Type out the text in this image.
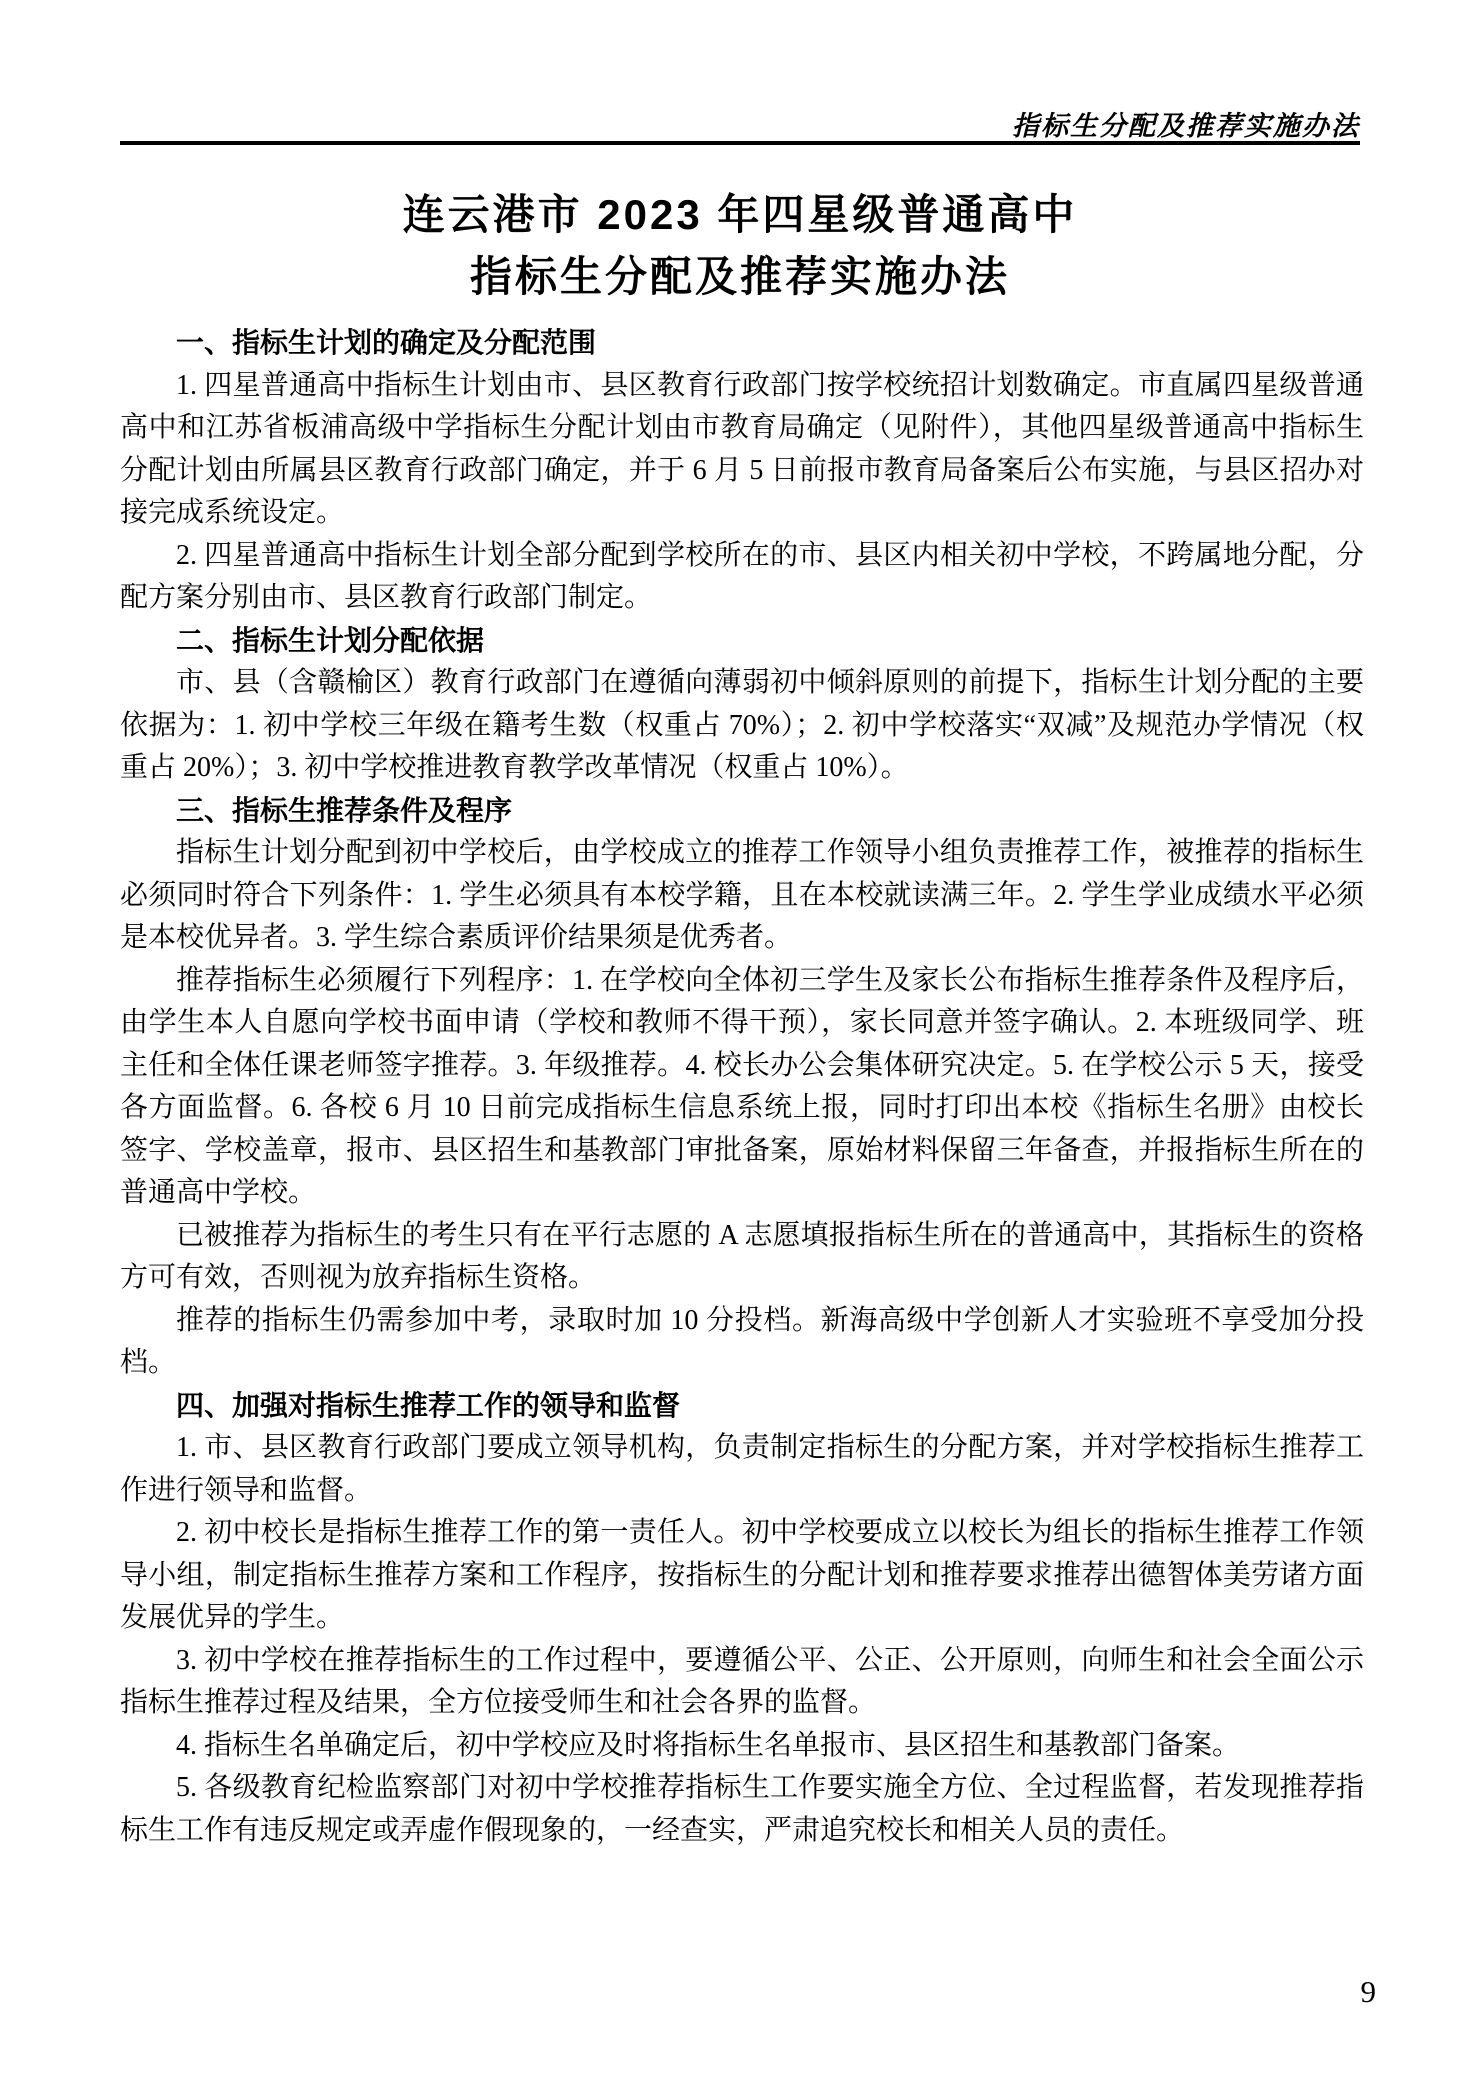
指标生分配及推荐实施办法
连云港市 2023 年四星级普通高中
指标生分配及推荐实施办法

一、指标生计划的确定及分配范围

1. 四星普通高中指标生计划由市、县区教育行政部门按学校统招计划数确定。市直属四星级普通高中和江苏省板浦高级中学指标生分配计划由市教育局确定（见附件），其他四星级普通高中指标生分配计划由所属县区教育行政部门确定，并于 6 月 5 日前报市教育局备案后公布实施，与县区招办对接完成系统设定。

2. 四星普通高中指标生计划全部分配到学校所在的市、县区内相关初中学校，不跨属地分配，分配方案分别由市、县区教育行政部门制定。

二、指标生计划分配依据

市、县（含赣榆区）教育行政部门在遵循向薄弱初中倾斜原则的前提下，指标生计划分配的主要依据为：1. 初中学校三年级在籍考生数（权重占 70%）；2. 初中学校落实“双减”及规范办学情况（权重占 20%）；3. 初中学校推进教育教学改革情况（权重占 10%）。

三、指标生推荐条件及程序

指标生计划分配到初中学校后，由学校成立的推荐工作领导小组负责推荐工作，被推荐的指标生必须同时符合下列条件：1. 学生必须具有本校学籍，且在本校就读满三年。2. 学生学业成绩水平必须是本校优异者。3. 学生综合素质评价结果须是优秀者。

推荐指标生必须履行下列程序：1. 在学校向全体初三学生及家长公布指标生推荐条件及程序后，由学生本人自愿向学校书面申请（学校和教师不得干预），家长同意并签字确认。2. 本班级同学、班主任和全体任课老师签字推荐。3. 年级推荐。4. 校长办公会集体研究决定。5. 在学校公示 5 天，接受各方面监督。6. 各校 6 月 10 日前完成指标生信息系统上报，同时打印出本校《指标生名册》由校长签字、学校盖章，报市、县区招生和基教部门审批备案，原始材料保留三年备查，并报指标生所在的普通高中学校。

已被推荐为指标生的考生只有在平行志愿的 A 志愿填报指标生所在的普通高中，其指标生的资格方可有效，否则视为放弃指标生资格。

推荐的指标生仍需参加中考，录取时加 10 分投档。新海高级中学创新人才实验班不享受加分投档。

四、加强对指标生推荐工作的领导和监督

1. 市、县区教育行政部门要成立领导机构，负责制定指标生的分配方案，并对学校指标生推荐工作进行领导和监督。

2. 初中校长是指标生推荐工作的第一责任人。初中学校要成立以校长为组长的指标生推荐工作领导小组，制定指标生推荐方案和工作程序，按指标生的分配计划和推荐要求推荐出德智体美劳诸方面发展优异的学生。

3. 初中学校在推荐指标生的工作过程中，要遵循公平、公正、公开原则，向师生和社会全面公示指标生推荐过程及结果，全方位接受师生和社会各界的监督。

4. 指标生名单确定后，初中学校应及时将指标生名单报市、县区招生和基教部门备案。

5. 各级教育纪检监察部门对初中学校推荐指标生工作要实施全方位、全过程监督，若发现推荐指标生工作有违反规定或弄虚作假现象的，一经查实，严肃追究校长和相关人员的责任。

9
